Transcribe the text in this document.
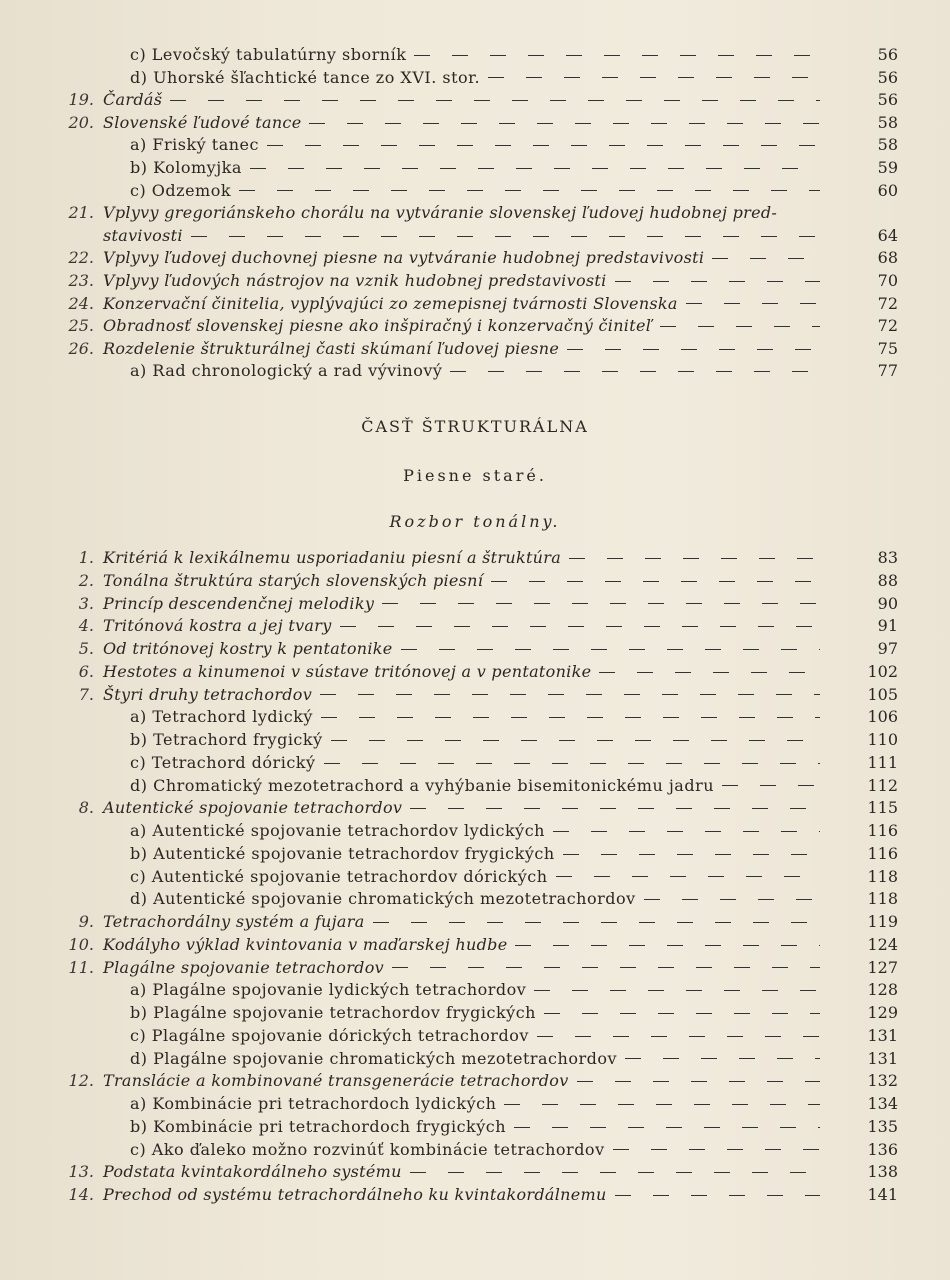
c) Levočský tabulatúrny sborník	56
d) Uhorské šľachtické tance zo XVI. stor.	56
19. Čardáš	56
20. Slovenské ľudové tance	58
a) Friský tanec	58
b) Kolomyjka	59
c) Odzemok	60
21. Vplyvy gregoriánskeho chorálu na vytváranie slovenskej ľudovej hudobnej pred-
stavivosti	64
22. Vplyvy ľudovej duchovnej piesne na vytváranie hudobnej predstavivosti	68
23. Vplyvy ľudových nástrojov na vznik hudobnej predstavivosti	70
24. Konzervační činitelia, vyplývajúci zo zemepisnej tvárnosti Slovenska	72
25. Obradnosť slovenskej piesne ako inšpiračný i konzervačný činiteľ	72
26. Rozdelenie štrukturálnej časti skúmaní ľudovej piesne	75
a) Rad chronologický a rad vývinový	77
ČASŤ ŠTRUKTURÁLNA
Piesne staré.
Rozbor tonálny.
1. Kritériá k lexikálnemu usporiadaniu piesní a štruktúra	83
2. Tonálna štruktúra starých slovenských piesní	88
3. Princíp descendenčnej melodiky	90
4. Tritónová kostra a jej tvary	91
5. Od tritónovej kostry k pentatonike	97
6. Hestotes a kinumenoi v sústave tritónovej a v pentatonike	102
7. Štyri druhy tetrachordov	105
a) Tetrachord lydický	106
b) Tetrachord frygický	110
c) Tetrachord dórický	111
d) Chromatický mezotetrachord a vyhýbanie bisemitonickému jadru	112
8. Autentické spojovanie tetrachordov	115
a) Autentické spojovanie tetrachordov lydických	116
b) Autentické spojovanie tetrachordov frygických	116
c) Autentické spojovanie tetrachordov dórických	118
d) Autentické spojovanie chromatických mezotetrachordov	118
9. Tetrachordálny systém a fujara	119
10. Kodályho výklad kvintovania v maďarskej hudbe	124
11. Plagálne spojovanie tetrachordov	127
a) Plagálne spojovanie lydických tetrachordov	128
b) Plagálne spojovanie tetrachordov frygických	129
c) Plagálne spojovanie dórických tetrachordov	131
d) Plagálne spojovanie chromatických mezotetrachordov	131
12. Translácie a kombinované transgenerácie tetrachordov	132
a) Kombinácie pri tetrachordoch lydických	134
b) Kombinácie pri tetrachordoch frygických	135
c) Ako ďaleko možno rozvinúť kombinácie tetrachordov	136
13. Podstata kvintakordálneho systému	138
14. Prechod od systému tetrachordálneho ku kvintakordálnemu	141
